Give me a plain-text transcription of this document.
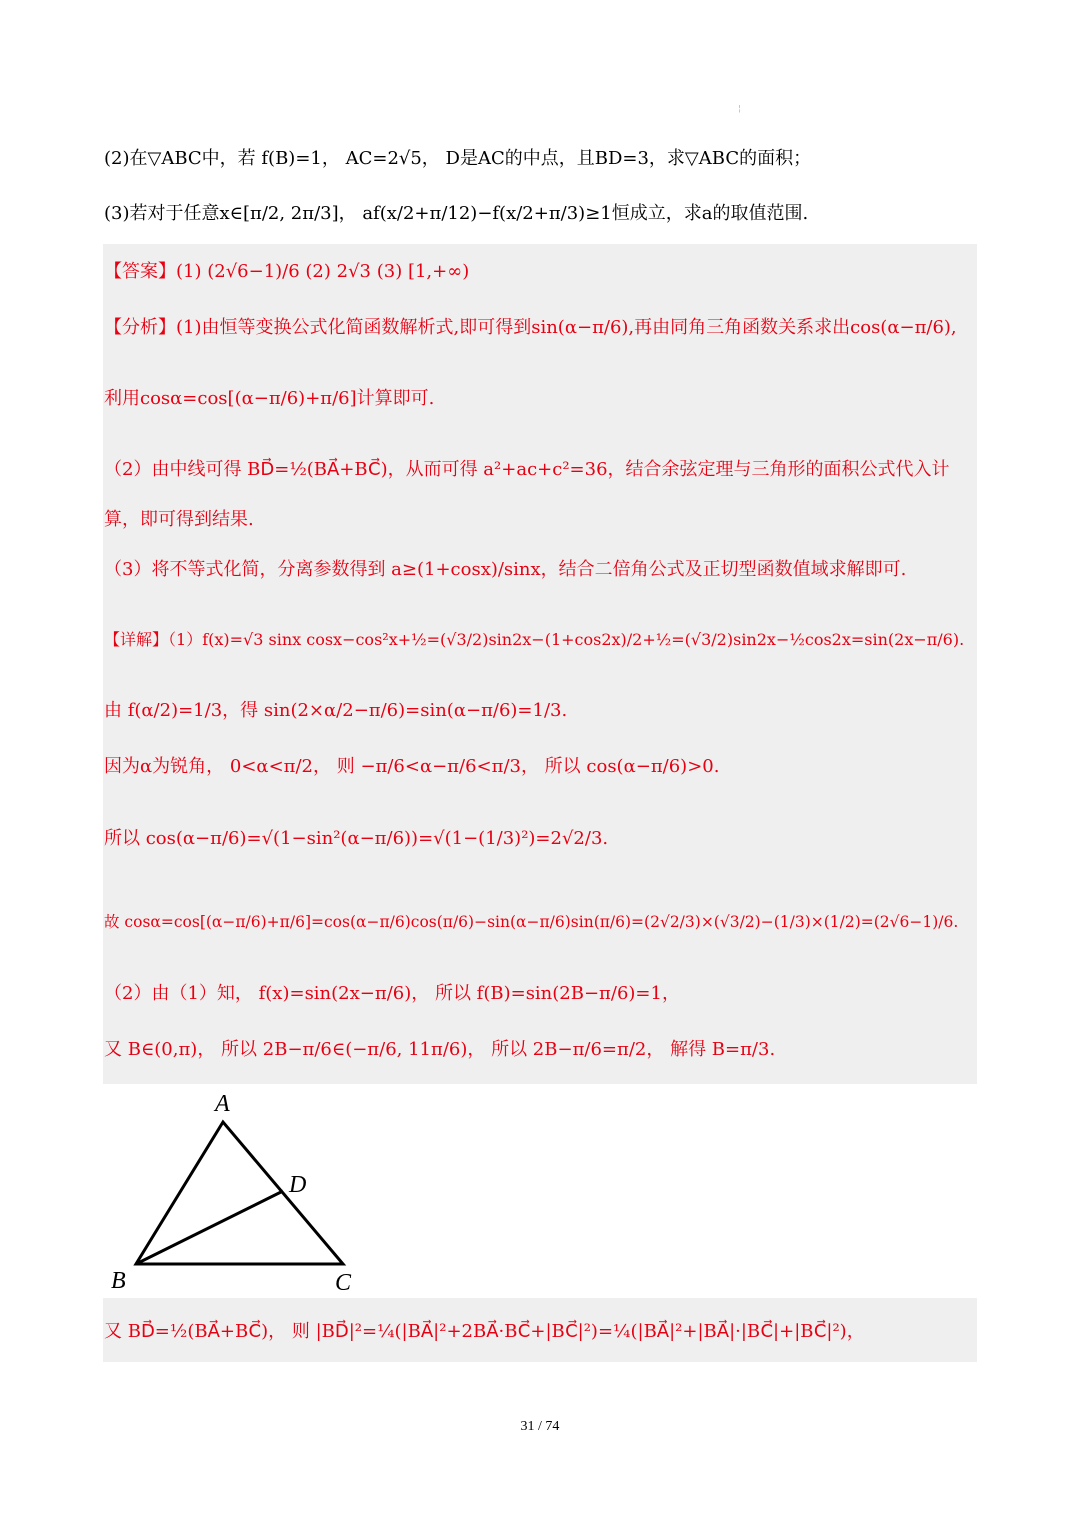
¦
(2)在▽ABC中，若 f(B)=1， AC=2√5， D是AC的中点，且BD=3，求▽ABC的面积；
(3)若对于任意x∈[π/2, 2π/3]， af(x/2+π/12)−f(x/2+π/3)≥1恒成立，求a的取值范围.
【答案】(1) (2√6−1)/6 (2) 2√3 (3) [1,+∞)
【分析】(1)由恒等变换公式化简函数解析式,即可得到sin(α−π/6),再由同角三角函数关系求出cos(α−π/6),
利用cosα=cos[(α−π/6)+π/6]计算即可.
（2）由中线可得 BD⃗=½(BA⃗+BC⃗)，从而可得 a²+ac+c²=36，结合余弦定理与三角形的面积公式代入计
算，即可得到结果.
（3）将不等式化简，分离参数得到 a≥(1+cosx)/sinx，结合二倍角公式及正切型函数值域求解即可.
【详解】（1）f(x)=√3 sinx cosx−cos²x+½=(√3/2)sin2x−(1+cos2x)/2+½=(√3/2)sin2x−½cos2x=sin(2x−π/6).
由 f(α/2)=1/3，得 sin(2×α/2−π/6)=sin(α−π/6)=1/3.
因为α为锐角， 0<α<π/2， 则 −π/6<α−π/6<π/3， 所以 cos(α−π/6)>0.
所以 cos(α−π/6)=√(1−sin²(α−π/6))=√(1−(1/3)²)=2√2/3.
故 cosα=cos[(α−π/6)+π/6]=cos(α−π/6)cos(π/6)−sin(α−π/6)sin(π/6)=(2√2/3)×(√3/2)−(1/3)×(1/2)=(2√6−1)/6.
（2）由（1）知， f(x)=sin(2x−π/6)， 所以 f(B)=sin(2B−π/6)=1，
又 B∈(0,π)， 所以 2B−π/6∈(−π/6, 11π/6)， 所以 2B−π/6=π/2， 解得 B=π/3.
A
B	C
D
又 BD⃗=½(BA⃗+BC⃗)， 则 |BD⃗|²=¼(|BA⃗|²+2BA⃗·BC⃗+|BC⃗|²)=¼(|BA⃗|²+|BA⃗|·|BC⃗|+|BC⃗|²)，
31 / 74
